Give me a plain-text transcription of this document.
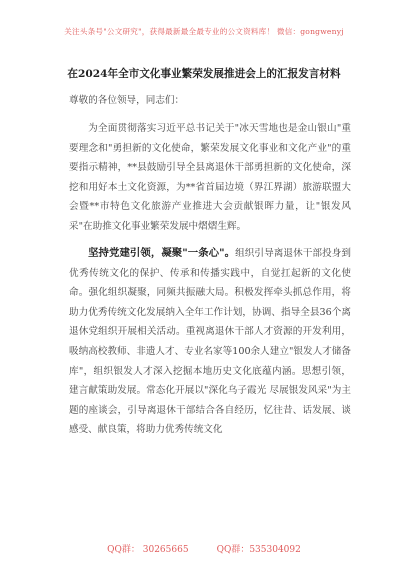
关注头条号"公文研究"，获得最新最全最专业的公文资料库！ 微信：gongwenyj
在2024年全市文化事业繁荣发展推进会上的汇报发言材料
尊敬的各位领导，同志们：
为全面贯彻落实习近平总书记关于"冰天雪地也是金山银山"重要理念和"勇担新的文化使命，繁荣发展文化事业和文化产业"的重要指示精神，**县鼓励引导全县离退休干部勇担新的文化使命，深挖和用好本土文化资源，为**省首届边境（界江界湖）旅游联盟大会暨**市特色文化旅游产业推进大会贡献银晖力量，让"银发风采"在助推文化事业繁荣发展中熠熠生辉。
坚持党建引领，凝聚"一条心"。组织引导离退休干部投身到优秀传统文化的保护、传承和传播实践中，自觉扛起新的文化使命。强化组织凝聚，同频共振融大局。积极发挥牵头抓总作用，将助力优秀传统文化发展纳入全年工作计划，协调、指导全县36个离退休党组织开展相关活动。重视离退休干部人才资源的开发利用，吸纳高校教师、非遗人才、专业名家等100余人建立"银发人才储备库"，组织银发人才深入挖掘本地历史文化底蕴内涵。思想引领，建言献策助发展。常态化开展以"深化乌子霞光 尽展银发风采"为主题的座谈会，引导离退休干部结合各自经历，忆往昔、话发展、谈感受、献良策，将助力优秀传统文化
QQ群： 30265665	QQ群：535304092
